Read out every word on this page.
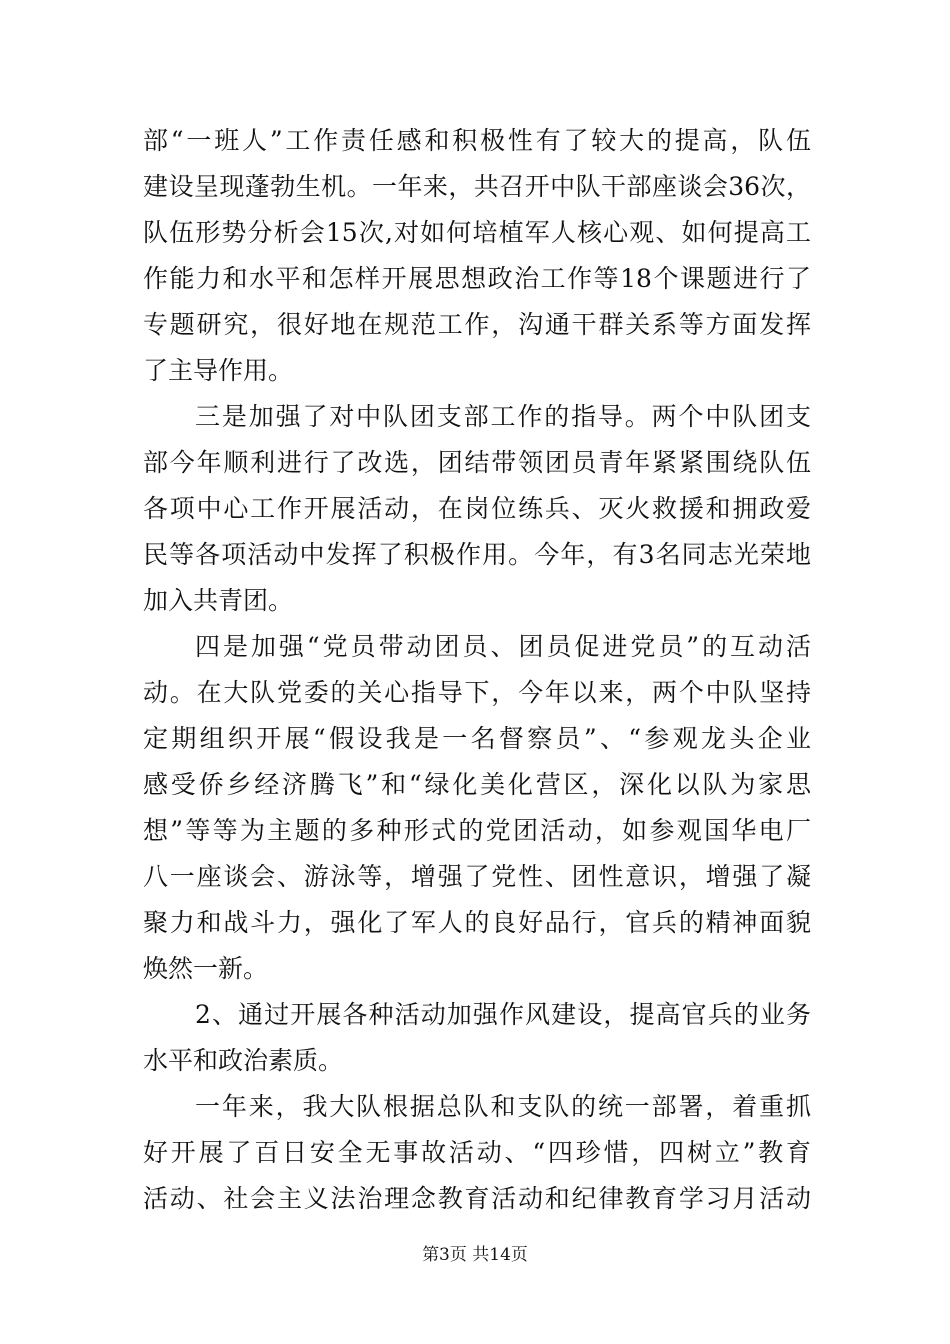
部“一班人”工作责任感和积极性有了较大的提高，队伍
建设呈现蓬勃生机。一年来，共召开中队干部座谈会36次，
队伍形势分析会15次,对如何培植军人核心观、如何提高工
作能力和水平和怎样开展思想政治工作等18个课题进行了
专题研究，很好地在规范工作，沟通干群关系等方面发挥
了主导作用。
三是加强了对中队团支部工作的指导。两个中队团支
部今年顺利进行了改选，团结带领团员青年紧紧围绕队伍
各项中心工作开展活动，在岗位练兵、灭火救援和拥政爱
民等各项活动中发挥了积极作用。今年，有3名同志光荣地
加入共青团。
四是加强“党员带动团员、团员促进党员”的互动活
动。在大队党委的关心指导下，今年以来，两个中队坚持
定期组织开展“假设我是一名督察员”、“参观龙头企业
感受侨乡经济腾飞”和“绿化美化营区，深化以队为家思
想”等等为主题的多种形式的党团活动，如参观国华电厂
八一座谈会、游泳等，增强了党性、团性意识，增强了凝
聚力和战斗力，强化了军人的良好品行，官兵的精神面貌
焕然一新。
2、通过开展各种活动加强作风建设，提高官兵的业务
水平和政治素质。
一年来，我大队根据总队和支队的统一部署，着重抓
好开展了百日安全无事故活动、“四珍惜，四树立”教育
活动、社会主义法治理念教育活动和纪律教育学习月活动
第3页 共14页
